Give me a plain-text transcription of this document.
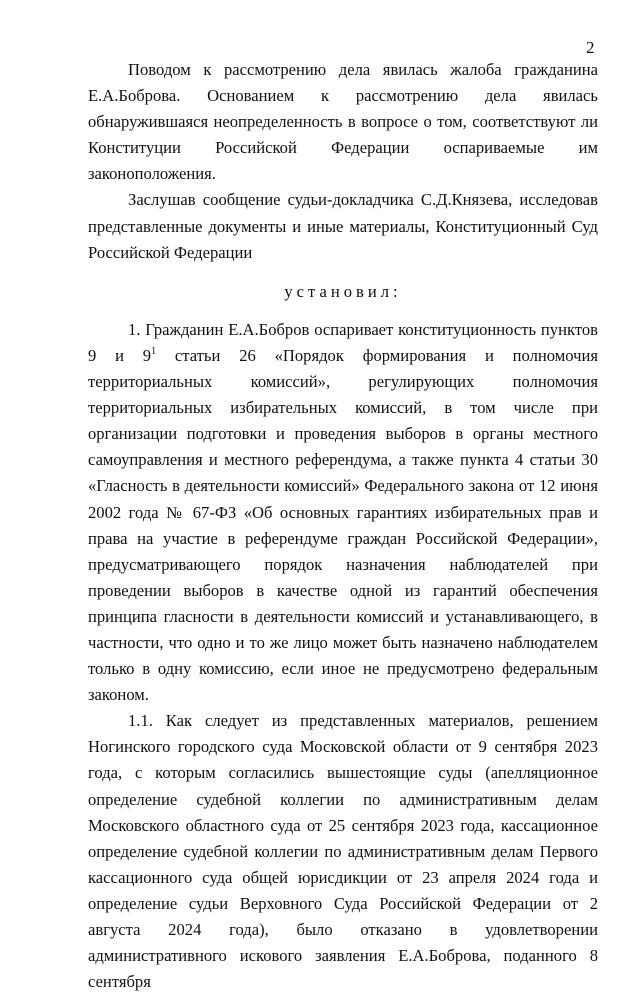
2

Поводом к рассмотрению дела явилась жалоба гражданина Е.А.Боброва. Основанием к рассмотрению дела явилась обнаружившаяся неопределенность в вопросе о том, соответствуют ли Конституции Российской Федерации оспариваемые им законоположения.

Заслушав сообщение судьи-докладчика С.Д.Князева, исследовав представленные документы и иные материалы, Конституционный Суд Российской Федерации

установил:

1. Гражданин Е.А.Бобров оспаривает конституционность пунктов 9 и $9^1$ статьи 26 «Порядок формирования и полномочия территориальных комиссий», регулирующих полномочия территориальных избирательных комиссий, в том числе при организации подготовки и проведения выборов в органы местного самоуправления и местного референдума, а также пункта 4 статьи 30 «Гласность в деятельности комиссий» Федерального закона от 12 июня 2002 года № 67-ФЗ «Об основных гарантиях избирательных прав и права на участие в референдуме граждан Российской Федерации», предусматривающего порядок назначения наблюдателей при проведении выборов в качестве одной из гарантий обеспечения принципа гласности в деятельности комиссий и устанавливающего, в частности, что одно и то же лицо может быть назначено наблюдателем только в одну комиссию, если иное не предусмотрено федеральным законом.

1.1. Как следует из представленных материалов, решением Ногинского городского суда Московской области от 9 сентября 2023 года, с которым согласились вышестоящие суды (апелляционное определение судебной коллегии по административным делам Московского областного суда от 25 сентября 2023 года, кассационное определение судебной коллегии по административным делам Первого кассационного суда общей юрисдикции от 23 апреля 2024 года и определение судьи Верховного Суда Российской Федерации от 2 августа 2024 года), было отказано в удовлетворении административного искового заявления Е.А.Боброва, поданного 8 сентября
